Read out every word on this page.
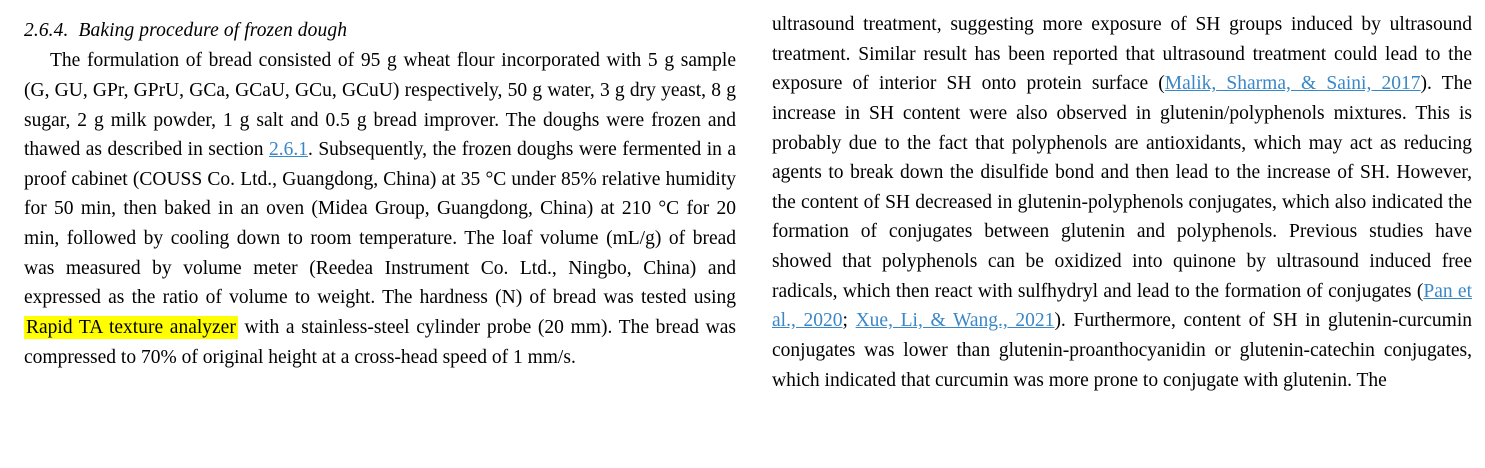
2.6.4. Baking procedure of frozen dough

The formulation of bread consisted of 95 g wheat flour incorporated with 5 g sample (G, GU, GPr, GPrU, GCa, GCaU, GCu, GCuU) respectively, 50 g water, 3 g dry yeast, 8 g sugar, 2 g milk powder, 1 g salt and 0.5 g bread improver. The doughs were frozen and thawed as described in section 2.6.1. Subsequently, the frozen doughs were fermented in a proof cabinet (COUSS Co. Ltd., Guangdong, China) at 35 °C under 85% relative humidity for 50 min, then baked in an oven (Midea Group, Guangdong, China) at 210 °C for 20 min, followed by cooling down to room temperature. The loaf volume (mL/g) of bread was measured by volume meter (Reedea Instrument Co. Ltd., Ningbo, China) and expressed as the ratio of volume to weight. The hardness (N) of bread was tested using Rapid TA texture analyzer with a stainless-steel cylinder probe (20 mm). The bread was compressed to 70% of original height at a cross-head speed of 1 mm/s.

ultrasound treatment, suggesting more exposure of SH groups induced by ultrasound treatment. Similar result has been reported that ultrasound treatment could lead to the exposure of interior SH onto protein surface (Malik, Sharma, & Saini, 2017). The increase in SH content were also observed in glutenin/polyphenols mixtures. This is probably due to the fact that polyphenols are antioxidants, which may act as reducing agents to break down the disulfide bond and then lead to the increase of SH. However, the content of SH decreased in glutenin-polyphenols conjugates, which also indicated the formation of conjugates between glutenin and polyphenols. Previous studies have showed that polyphenols can be oxidized into quinone by ultrasound induced free radicals, which then react with sulfhydryl and lead to the formation of conjugates (Pan et al., 2020; Xue, Li, & Wang., 2021). Furthermore, content of SH in glutenin-curcumin conjugates was lower than glutenin-proanthocyanidin or glutenin-catechin conjugates, which indicated that curcumin was more prone to conjugate with glutenin. The
